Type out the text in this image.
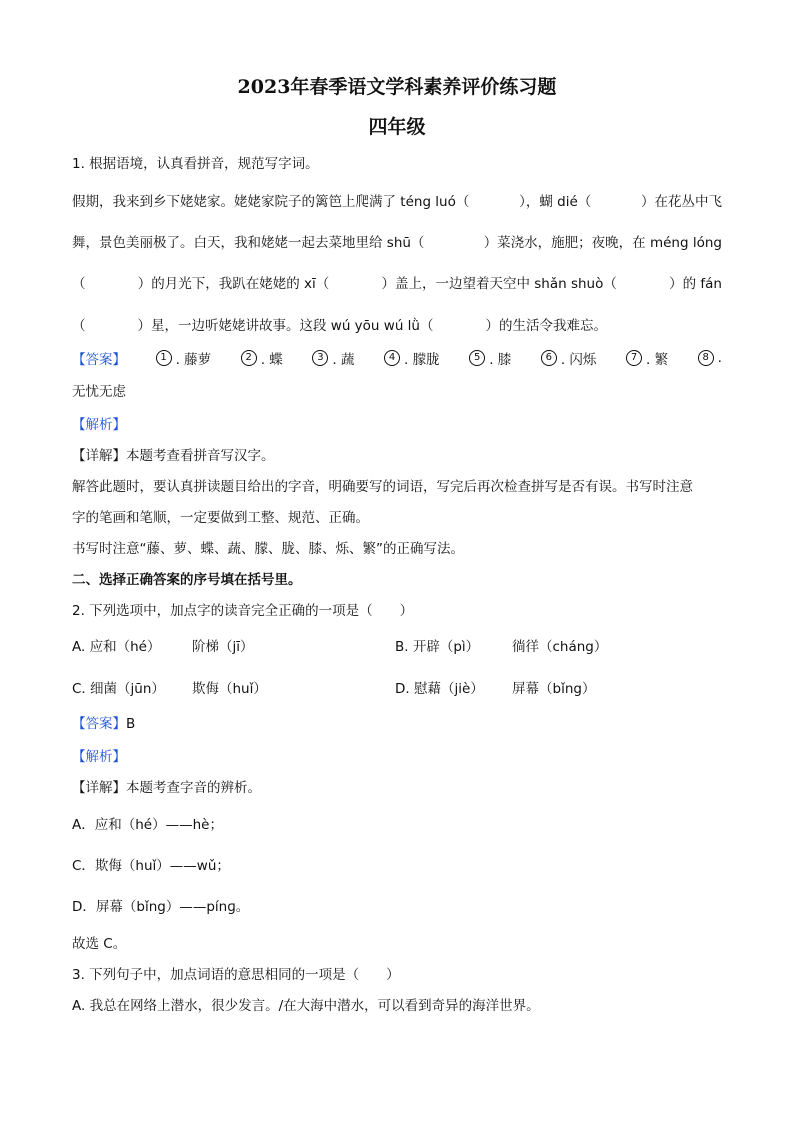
2023年春季语文学科素养评价练习题
四年级
1. 根据语境，认真看拼音，规范写字词。
假期，我来到乡下姥姥家。姥姥家院子的篱笆上爬满了 téng luó（	），蝴 dié（	）在花丛中飞
舞，景色美丽极了。白天，我和姥姥一起去菜地里给 shū（	）菜浇水，施肥；夜晚，在 méng lóng
（	）的月光下，我趴在姥姥的 xī（	）盖上，一边望着天空中 shǎn shuò（	）的 fán
（	）星，一边听姥姥讲故事。这段 wú yōu wú lǜ（	）的生活令我难忘。
【答案】	1 . 藤萝	2 . 蝶	3 . 蔬	4 . 朦胧	5 . 膝	6 . 闪烁	7 . 繁	8 .
无忧无虑
【解析】
【详解】本题考查看拼音写汉字。
解答此题时，要认真拼读题目给出的字音，明确要写的词语，写完后再次检查拼写是否有误。书写时注意
字的笔画和笔顺，一定要做到工整、规范、正确。
书写时注意“藤、萝、蝶、蔬、朦、胧、膝、烁、繁”的正确写法。
二、选择正确答案的序号填在括号里。
2. 下列选项中，加点字的读音完全正确的一项是（　　）
A. 应和（hé） 阶梯（jī）	B. 开辟（pì） 徜徉（cháng）
C. 细菌（jūn） 欺侮（huǐ）	D. 慰藉（jiè） 屏幕（bǐng）
【答案】B
【解析】
【详解】本题考查字音的辨析。
A．应和（hé）——hè；
C．欺侮（huǐ）——wǔ；
D．屏幕（bǐng）——pínɡ。
故选 C。
3. 下列句子中，加点词语的意思相同的一项是（　　）
A. 我总在网络上潜水，很少发言。/在大海中潜水，可以看到奇异的海洋世界。
